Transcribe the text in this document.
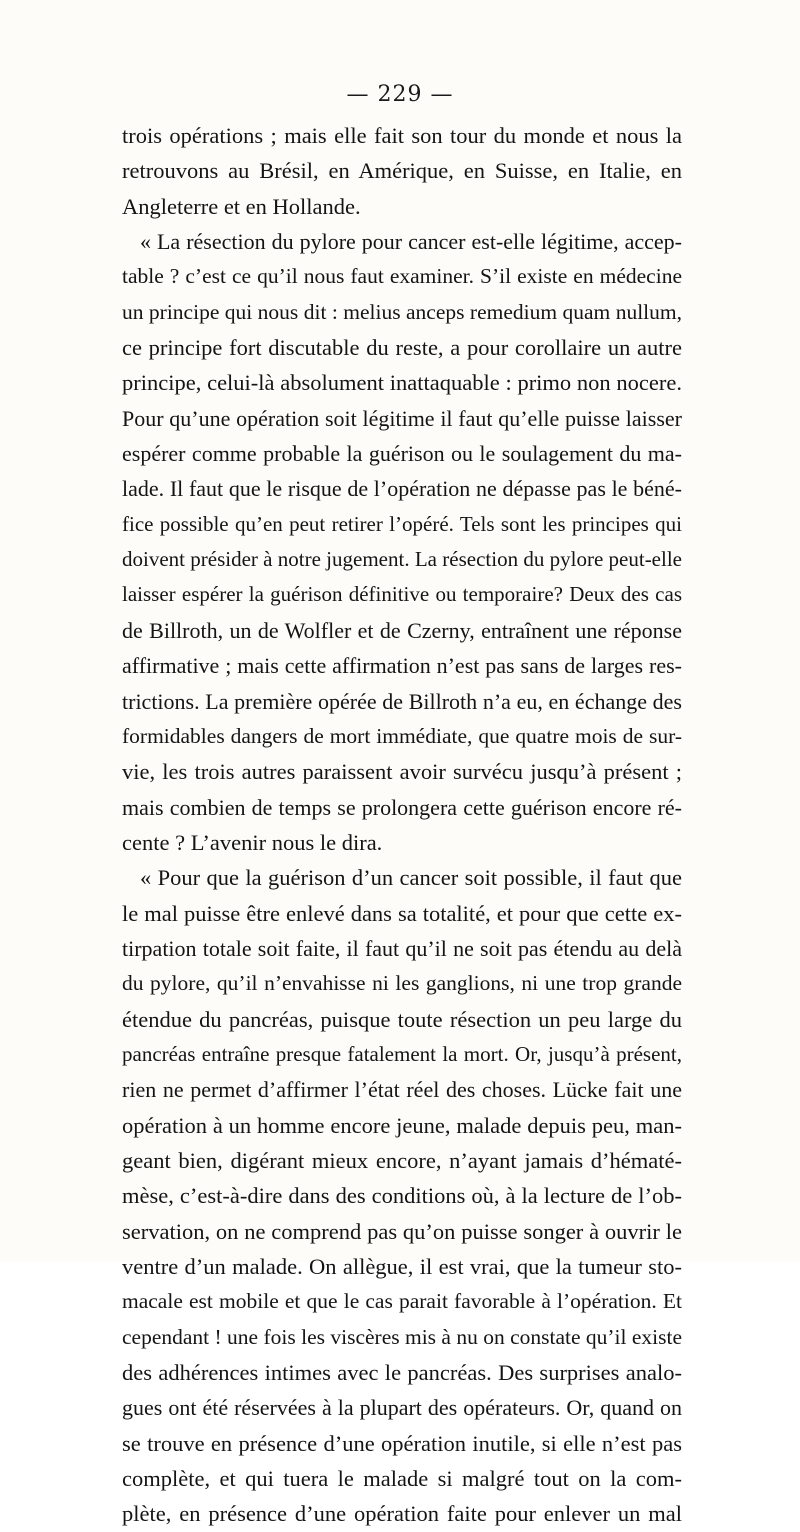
— 229 —
trois opérations ; mais elle fait son tour du monde et nous la
retrouvons au Brésil, en Amérique, en Suisse, en Italie, en
Angleterre et en Hollande.
« La résection du pylore pour cancer est-elle légitime, accep-
table ? c’est ce qu’il nous faut examiner. S’il existe en médecine
un principe qui nous dit : melius anceps remedium quam nullum,
ce principe fort discutable du reste, a pour corollaire un autre
principe, celui-là absolument inattaquable : primo non nocere.
Pour qu’une opération soit légitime il faut qu’elle puisse laisser
espérer comme probable la guérison ou le soulagement du ma-
lade. Il faut que le risque de l’opération ne dépasse pas le béné-
fice possible qu’en peut retirer l’opéré. Tels sont les principes qui
doivent présider à notre jugement. La résection du pylore peut-elle
laisser espérer la guérison définitive ou temporaire? Deux des cas
de Billroth, un de Wolfler et de Czerny, entraînent une réponse
affirmative ; mais cette affirmation n’est pas sans de larges res-
trictions. La première opérée de Billroth n’a eu, en échange des
formidables dangers de mort immédiate, que quatre mois de sur-
vie, les trois autres paraissent avoir survécu jusqu’à présent ;
mais combien de temps se prolongera cette guérison encore ré-
cente ? L’avenir nous le dira.
« Pour que la guérison d’un cancer soit possible, il faut que
le mal puisse être enlevé dans sa totalité, et pour que cette ex-
tirpation totale soit faite, il faut qu’il ne soit pas étendu au delà
du pylore, qu’il n’envahisse ni les ganglions, ni une trop grande
étendue du pancréas, puisque toute résection un peu large du
pancréas entraîne presque fatalement la mort. Or, jusqu’à présent,
rien ne permet d’affirmer l’état réel des choses. Lücke fait une
opération à un homme encore jeune, malade depuis peu, man-
geant bien, digérant mieux encore, n’ayant jamais d’hématé-
mèse, c’est-à-dire dans des conditions où, à la lecture de l’ob-
servation, on ne comprend pas qu’on puisse songer à ouvrir le
ventre d’un malade. On allègue, il est vrai, que la tumeur sto-
macale est mobile et que le cas parait favorable à l’opération. Et
cependant ! une fois les viscères mis à nu on constate qu’il existe
des adhérences intimes avec le pancréas. Des surprises analo-
gues ont été réservées à la plupart des opérateurs. Or, quand on
se trouve en présence d’une opération inutile, si elle n’est pas
complète, et qui tuera le malade si malgré tout on la com-
plète, en présence d’une opération faite pour enlever un mal
